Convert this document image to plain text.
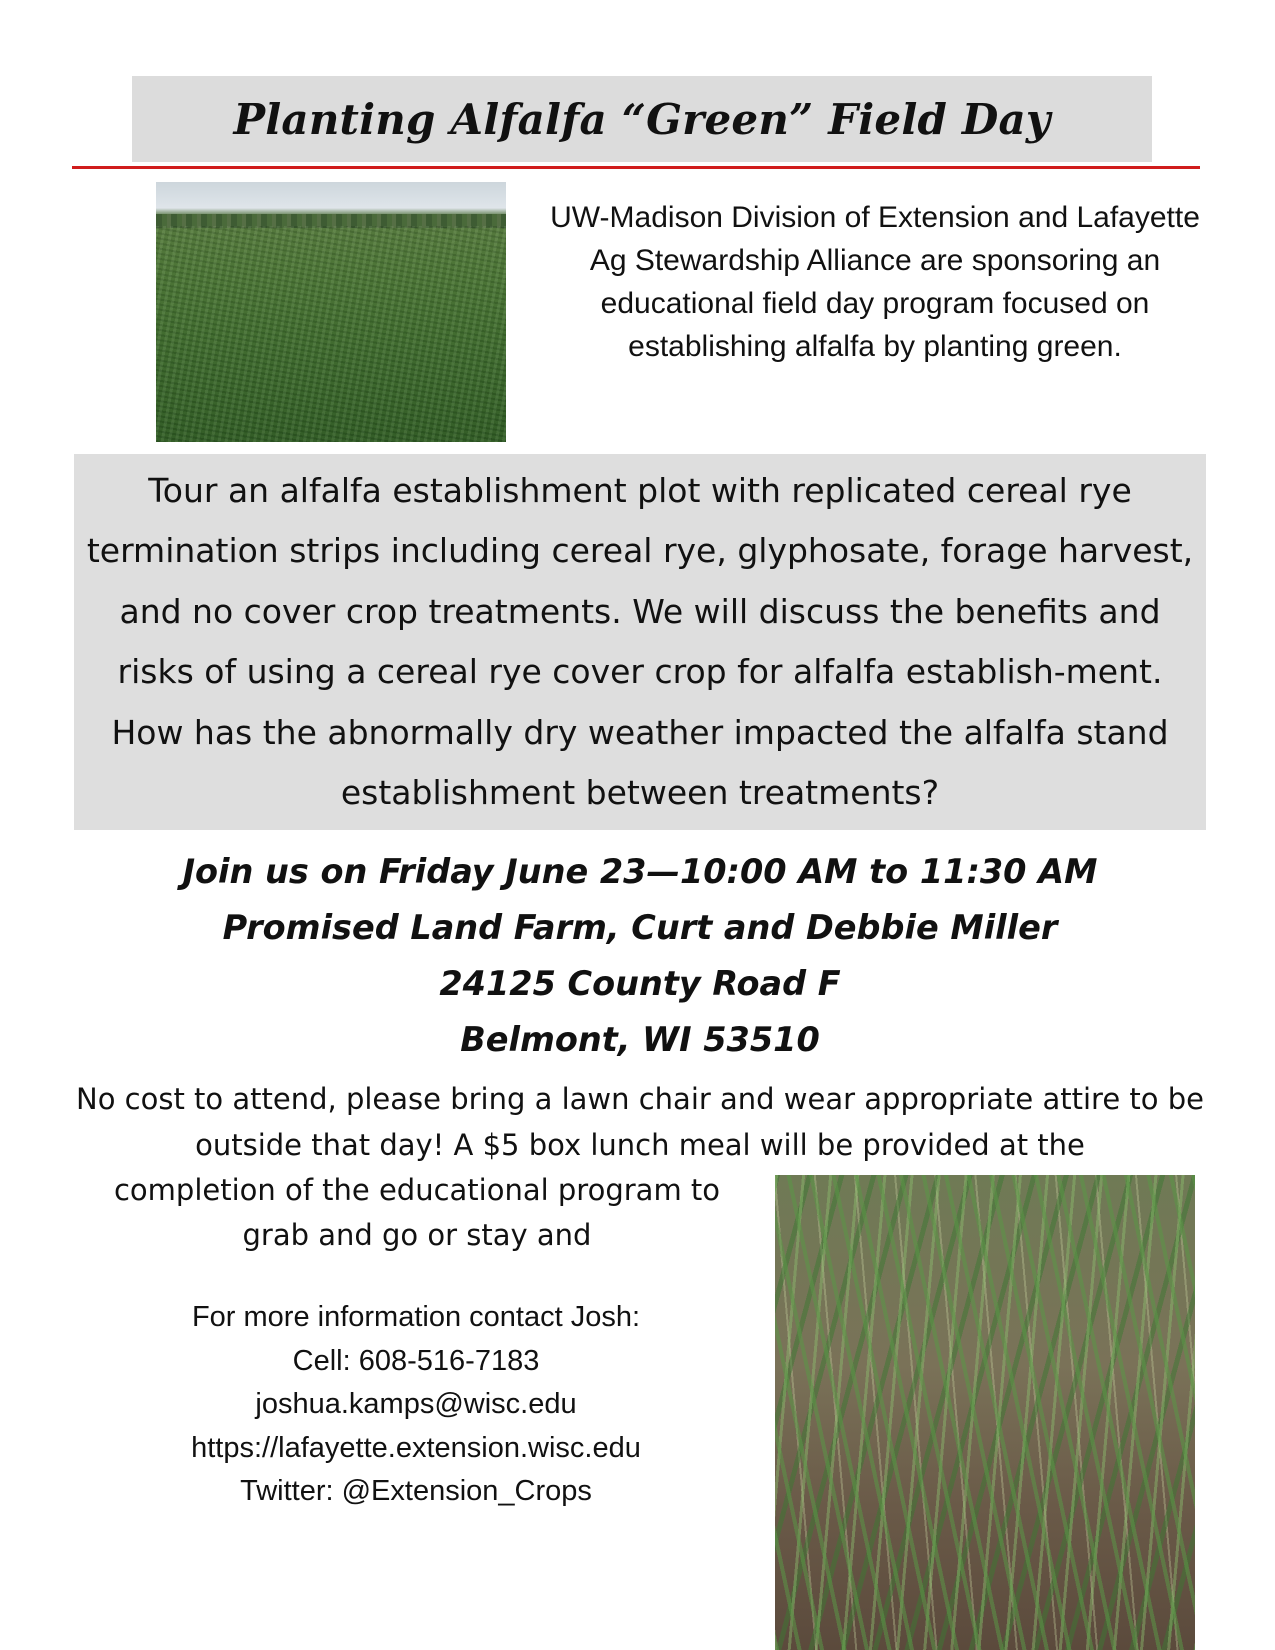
Planting Alfalfa “Green” Field Day

UW-Madison Division of Extension and Lafayette Ag Stewardship Alliance are sponsoring an educational field day program focused on establishing alfalfa by planting green.

Tour an alfalfa establishment plot with replicated cereal rye termination strips including cereal rye, glyphosate, forage harvest, and no cover crop treatments. We will discuss the benefits and risks of using a cereal rye cover crop for alfalfa establish-ment. How has the abnormally dry weather impacted the alfalfa stand establishment between treatments?

Join us on Friday June 23—10:00 AM to 11:30 AM
Promised Land Farm, Curt and Debbie Miller
24125 County Road F
Belmont, WI 53510

No cost to attend, please bring a lawn chair and wear appropriate attire to be outside that day! A $5 box lunch meal will be provided at the

completion of the educational program to grab and go or stay and

For more information contact Josh:
Cell: 608-516-7183
joshua.kamps@wisc.edu
https://lafayette.extension.wisc.edu
Twitter: @Extension_Crops
